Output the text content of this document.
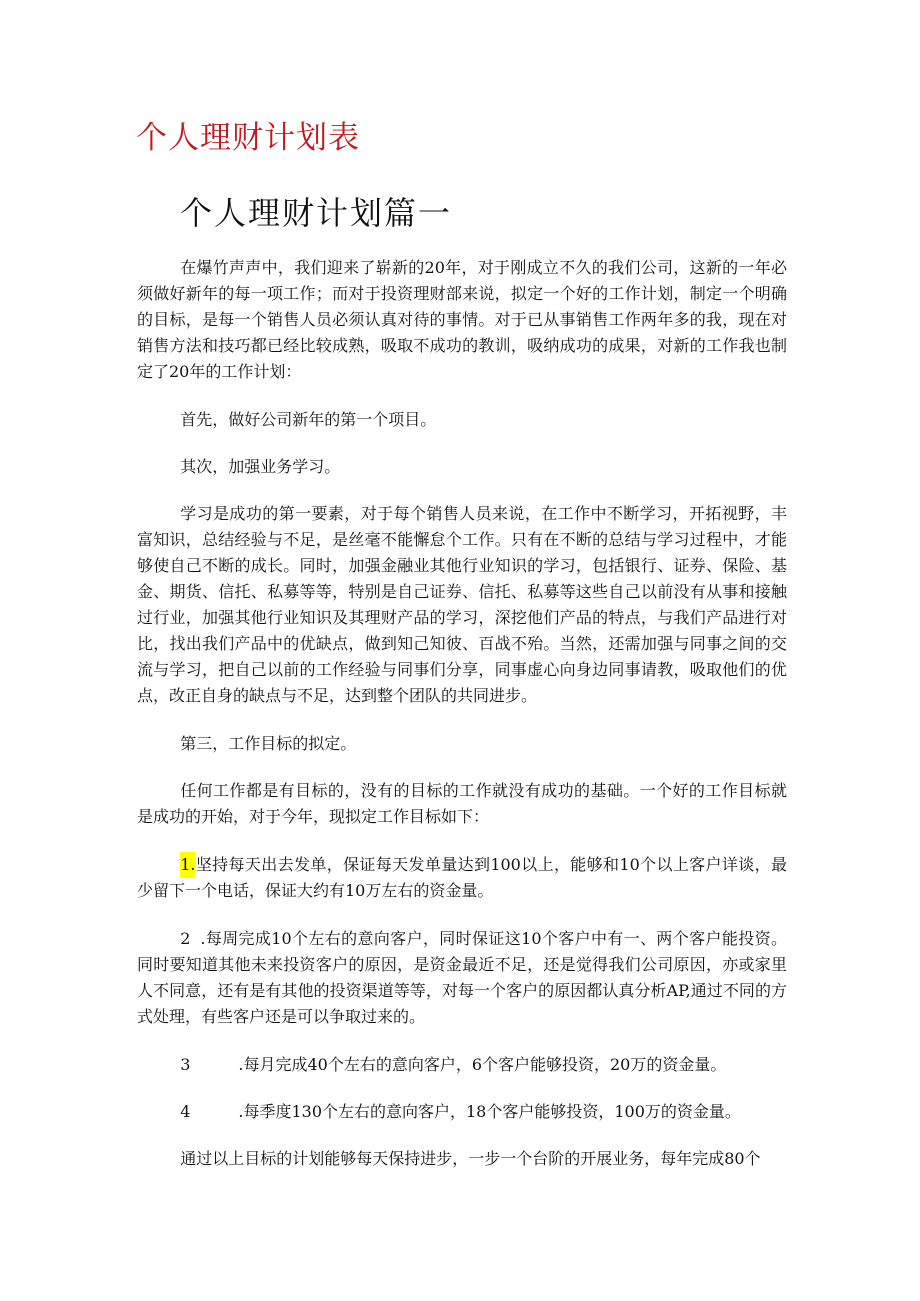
个人理财计划表
个人理财计划篇一

在爆竹声声中，我们迎来了崭新的20年，对于刚成立不久的我们公司，这新的一年必须做好新年的每一项工作；而对于投资理财部来说，拟定一个好的工作计划，制定一个明确的目标，是每一个销售人员必须认真对待的事情。对于已从事销售工作两年多的我，现在对销售方法和技巧都已经比较成熟，吸取不成功的教训，吸纳成功的成果，对新的工作我也制定了20年的工作计划：

首先，做好公司新年的第一个项目。

其次，加强业务学习。

学习是成功的第一要素，对于每个销售人员来说，在工作中不断学习，开拓视野，丰富知识，总结经验与不足，是丝毫不能懈怠个工作。只有在不断的总结与学习过程中，才能够使自己不断的成长。同时，加强金融业其他行业知识的学习，包括银行、证券、保险、基金、期货、信托、私募等等，特别是自己证券、信托、私募等这些自己以前没有从事和接触过行业，加强其他行业知识及其理财产品的学习，深挖他们产品的特点，与我们产品进行对比，找出我们产品中的优缺点，做到知己知彼、百战不殆。当然，还需加强与同事之间的交流与学习，把自己以前的工作经验与同事们分享，同事虚心向身边同事请教，吸取他们的优点，改正自身的缺点与不足，达到整个团队的共同进步。

第三，工作目标的拟定。

任何工作都是有目标的，没有的目标的工作就没有成功的基础。一个好的工作目标就是成功的开始，对于今年，现拟定工作目标如下：

1.坚持每天出去发单，保证每天发单量达到100以上，能够和10个以上客户详谈，最少留下一个电话，保证大约有10万左右的资金量。

2 .每周完成10个左右的意向客户，同时保证这10个客户中有一、两个客户能投资。同时要知道其他未来投资客户的原因，是资金最近不足，还是觉得我们公司原因，亦或家里人不同意，还有是有其他的投资渠道等等，对每一个客户的原因都认真分析AP,通过不同的方式处理，有些客户还是可以争取过来的。

3	.每月完成40个左右的意向客户，6个客户能够投资，20万的资金量。

4	.每季度130个左右的意向客户，18个客户能够投资，100万的资金量。

通过以上目标的计划能够每天保持进步，一步一个台阶的开展业务，每年完成80个
